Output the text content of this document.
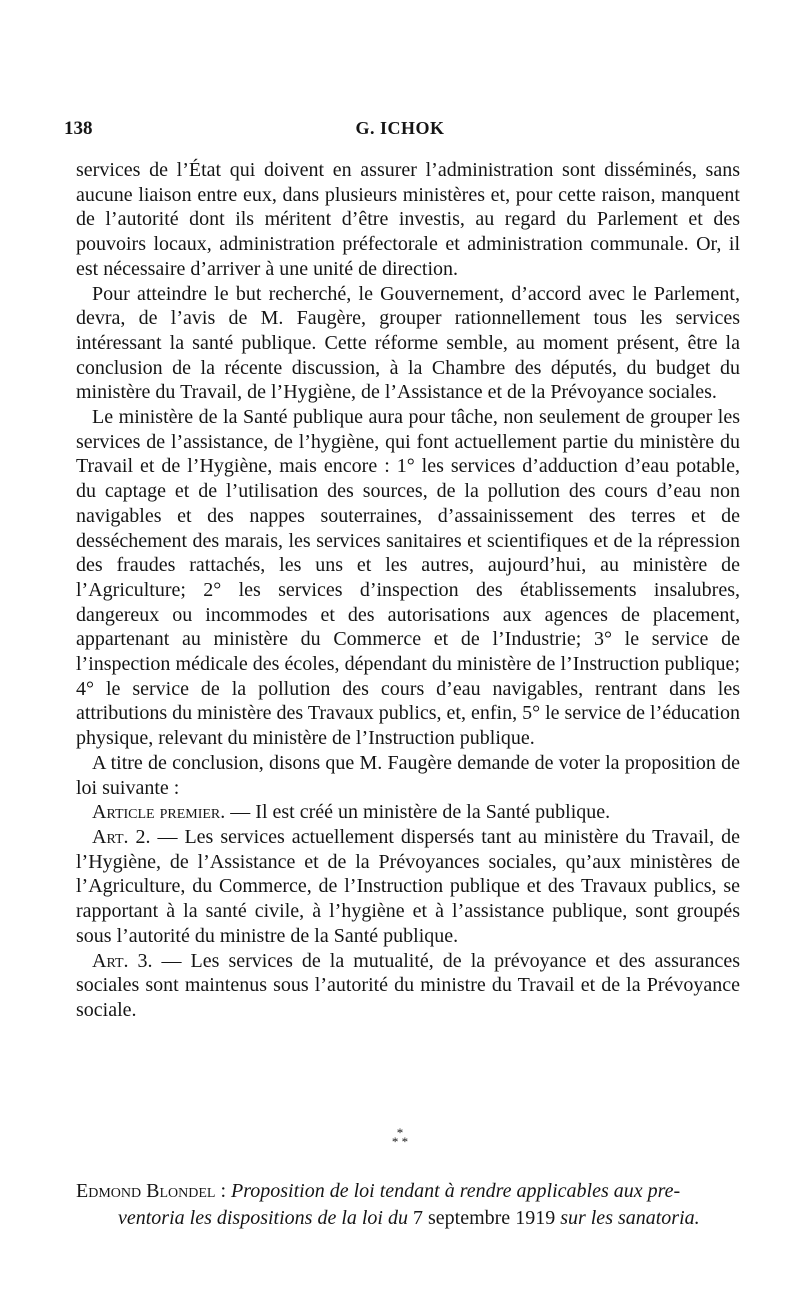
138	G. ICHOK

services de l’État qui doivent en assurer l’administration sont disséminés, sans aucune liaison entre eux, dans plusieurs ministères et, pour cette raison, manquent de l’autorité dont ils méritent d’être investis, au regard du Parlement et des pouvoirs locaux, administration préfectorale et administration communale. Or, il est nécessaire d’arriver à une unité de direction.

Pour atteindre le but recherché, le Gouvernement, d’accord avec le Parlement, devra, de l’avis de M. Faugère, grouper rationnellement tous les services intéressant la santé publique. Cette réforme semble, au moment présent, être la conclusion de la récente discussion, à la Chambre des députés, du budget du ministère du Travail, de l’Hygiène, de l’Assistance et de la Prévoyance sociales.

Le ministère de la Santé publique aura pour tâche, non seulement de grouper les services de l’assistance, de l’hygiène, qui font actuellement partie du ministère du Travail et de l’Hygiène, mais encore : 1° les services d’adduction d’eau potable, du captage et de l’utilisation des sources, de la pollution des cours d’eau non navigables et des nappes souterraines, d’assainissement des terres et de desséchement des marais, les services sanitaires et scientifiques et de la répression des fraudes rattachés, les uns et les autres, aujourd’hui, au ministère de l’Agriculture; 2° les services d’inspection des établissements insalubres, dangereux ou incommodes et des autorisations aux agences de placement, appartenant au ministère du Commerce et de l’Industrie; 3° le service de l’inspection médicale des écoles, dépendant du ministère de l’Instruction publique; 4° le service de la pollution des cours d’eau navigables, rentrant dans les attributions du ministère des Travaux publics, et, enfin, 5° le service de l’éducation physique, relevant du ministère de l’Instruction publique.

A titre de conclusion, disons que M. Faugère demande de voter la proposition de loi suivante :

Article premier. — Il est créé un ministère de la Santé publique.

Art. 2. — Les services actuellement dispersés tant au ministère du Travail, de l’Hygiène, de l’Assistance et de la Prévoyances sociales, qu’aux ministères de l’Agriculture, du Commerce, de l’Instruction publique et des Travaux publics, se rapportant à la santé civile, à l’hygiène et à l’assistance publique, sont groupés sous l’autorité du ministre de la Santé publique.

Art. 3. — Les services de la mutualité, de la prévoyance et des assurances sociales sont maintenus sous l’autorité du ministre du Travail et de la Prévoyance sociale.

*
* *
Edmond Blondel : Proposition de loi tendant à rendre applicables aux pre-
ventoria les dispositions de la loi du 7 septembre 1919 sur les sanatoria.
